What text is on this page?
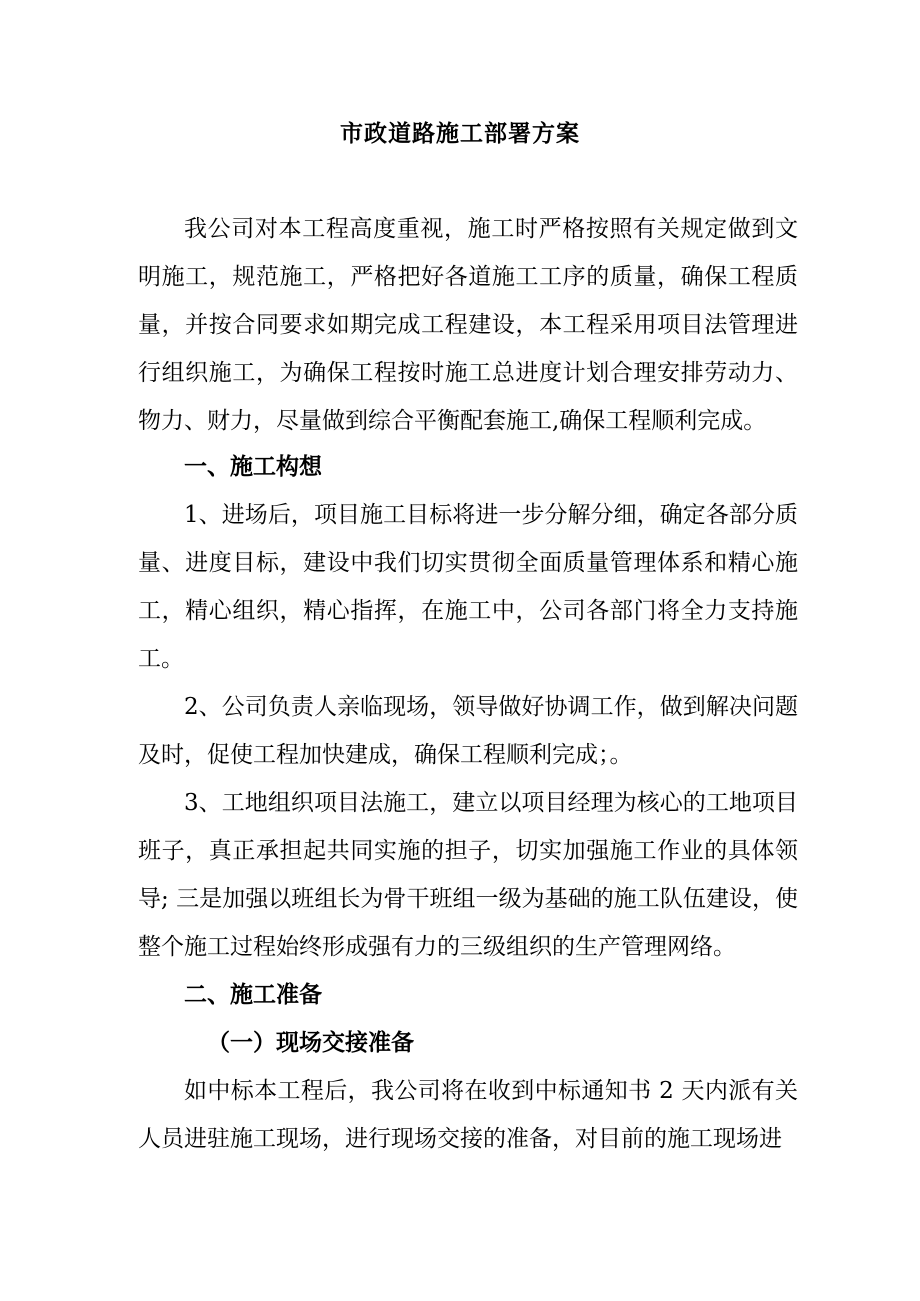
市政道路施工部署方案

我公司对本工程高度重视，施工时严格按照有关规定做到文明施工，规范施工，严格把好各道施工工序的质量，确保工程质量，并按合同要求如期完成工程建设，本工程采用项目法管理进行组织施工，为确保工程按时施工总进度计划合理安排劳动力、物力、财力，尽量做到综合平衡配套施工,确保工程顺利完成。

一、施工构想

1、进场后，项目施工目标将进一步分解分细，确定各部分质量、进度目标，建设中我们切实贯彻全面质量管理体系和精心施工，精心组织，精心指挥，在施工中，公司各部门将全力支持施工。

2、公司负责人亲临现场，领导做好协调工作，做到解决问题及时，促使工程加快建成，确保工程顺利完成；。

3、工地组织项目法施工，建立以项目经理为核心的工地项目班子，真正承担起共同实施的担子，切实加强施工作业的具体领导; 三是加强以班组长为骨干班组一级为基础的施工队伍建设，使整个施工过程始终形成强有力的三级组织的生产管理网络。

二、施工准备

（一）现场交接准备

如中标本工程后，我公司将在收到中标通知书 2 天内派有关人员进驻施工现场，进行现场交接的准备，对目前的施工现场进
